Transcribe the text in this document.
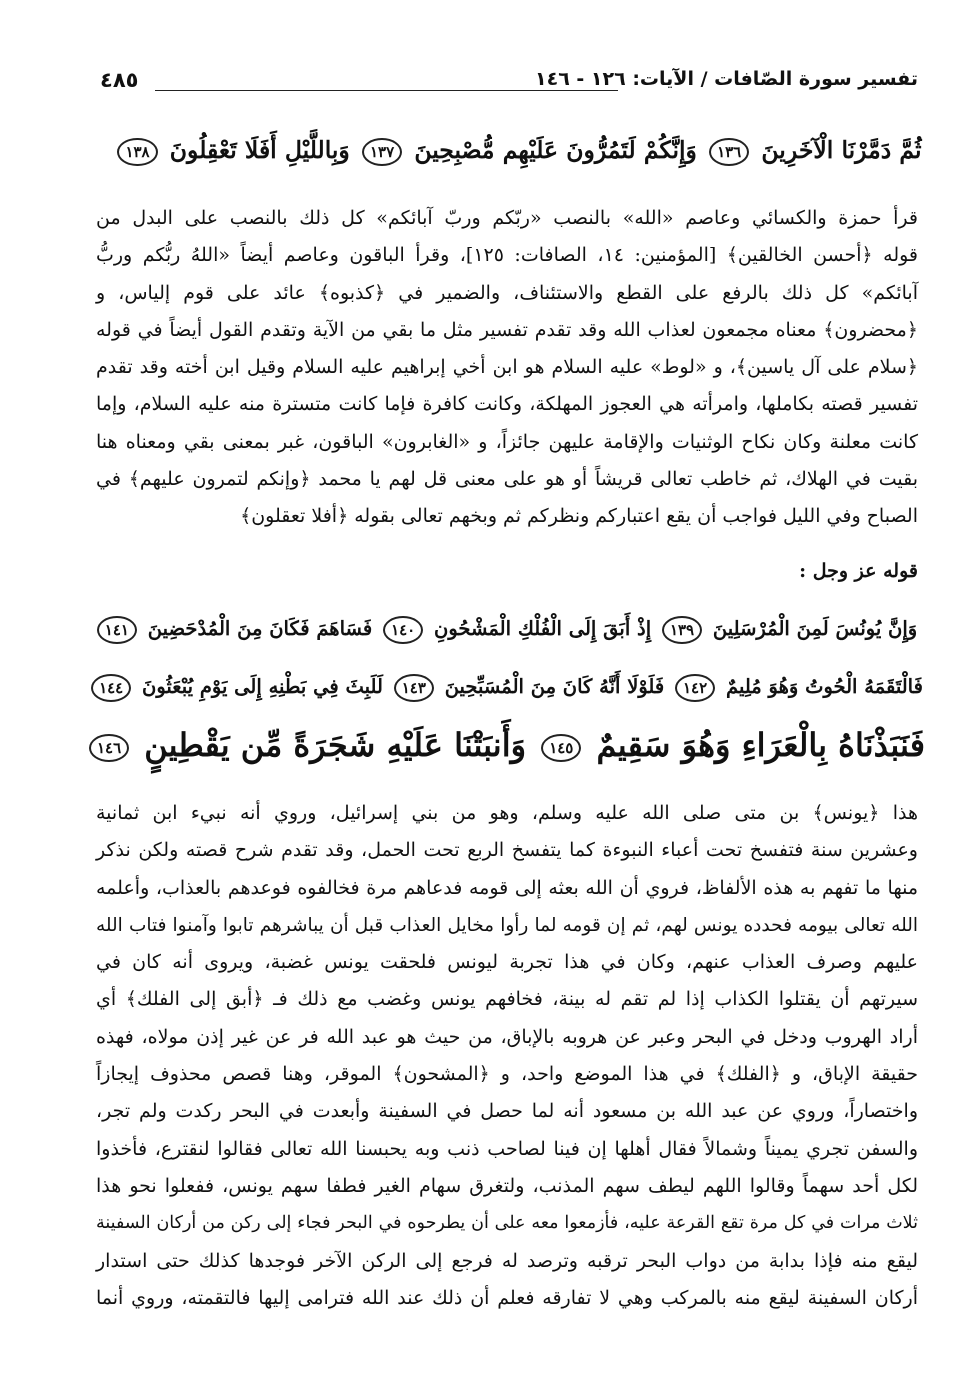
تفسير سورة الصّافات / الآيات: ١٢٦ - ١٤٦
٤٨٥
ثُمَّ دَمَّرْنَا الْآخَرِينَ ١٣٦ وَإِنَّكُمْ لَتَمُرُّونَ عَلَيْهِم مُّصْبِحِينَ ١٣٧ وَبِاللَّيْلِ أَفَلَا تَعْقِلُونَ ١٣٨
قرأ حمزة والكسائي وعاصم «الله» بالنصب «ربّكم وربّ آبائكم» كل ذلك بالنصب على البدل من
قوله ﴿أحسن الخالقين﴾ [المؤمنين: ١٤، الصافات: ١٢٥]، وقرأ الباقون وعاصم أيضاً «اللهُ ربُّكم وربُّ
آبائكم» كل ذلك بالرفع على القطع والاستئناف، والضمير في ﴿كذبوه﴾ عائد على قوم إلياس، و
﴿محضرون﴾ معناه مجمعون لعذاب الله وقد تقدم تفسير مثل ما بقي من الآية وتقدم القول أيضاً في قوله
﴿سلام على آل ياسين﴾، و «لوط» عليه السلام هو ابن أخي إبراهيم عليه السلام وقيل ابن أخته وقد تقدم
تفسير قصته بكاملها، وامرأته هي العجوز المهلكة، وكانت كافرة فإما كانت متسترة منه عليه السلام، وإما
كانت معلنة وكان نكاح الوثنيات والإقامة عليهن جائزاً، و «الغابرون» الباقون، غبر بمعنى بقي ومعناه هنا
بقيت في الهلاك، ثم خاطب تعالى قريشاً أو هو على معنى قل لهم يا محمد ﴿وإنكم لتمرون عليهم﴾ في
الصباح وفي الليل فواجب أن يقع اعتباركم ونظركم ثم وبخهم تعالى بقوله ﴿أفلا تعقلون﴾
قوله عز وجل :
وَإِنَّ يُونُسَ لَمِنَ الْمُرْسَلِينَ ١٣٩ إِذْ أَبَقَ إِلَى الْفُلْكِ الْمَشْحُونِ ١٤٠ فَسَاهَمَ فَكَانَ مِنَ الْمُدْحَضِينَ ١٤١
فَالْتَقَمَهُ الْحُوتُ وَهُوَ مُلِيمٌ ١٤٢ فَلَوْلَا أَنَّهُ كَانَ مِنَ الْمُسَبِّحِينَ ١٤٣ لَلَبِثَ فِي بَطْنِهِ إِلَى يَوْمِ يُبْعَثُونَ ١٤٤
فَنَبَذْنَاهُ بِالْعَرَاءِ وَهُوَ سَقِيمٌ ١٤٥ وَأَنبَتْنَا عَلَيْهِ شَجَرَةً مِّن يَقْطِينٍ ١٤٦
هذا ﴿يونس﴾ بن متى صلى الله عليه وسلم، وهو من بني إسرائيل، وروي أنه نبيء ابن ثمانية
وعشرين سنة فتفسخ تحت أعباء النبوءة كما يتفسخ الربع تحت الحمل، وقد تقدم شرح قصته ولكن نذكر
منها ما تفهم به هذه الألفاظ، فروي أن الله بعثه إلى قومه فدعاهم مرة فخالفوه فوعدهم بالعذاب، وأعلمه
الله تعالى بيومه فحدده يونس لهم، ثم إن قومه لما رأوا مخايل العذاب قبل أن يباشرهم تابوا وآمنوا فتاب الله
عليهم وصرف العذاب عنهم، وكان في هذا تجربة ليونس فلحقت يونس غضبة، ويروى أنه كان في
سيرتهم أن يقتلوا الكذاب إذا لم تقم له بينة، فخافهم يونس وغضب مع ذلك فـ ﴿أبق إلى الفلك﴾ أي
أراد الهروب ودخل في البحر وعبر عن هروبه بالإباق، من حيث هو عبد الله فر عن غير إذن مولاه، فهذه
حقيقة الإباق، و ﴿الفلك﴾ في هذا الموضع واحد، و ﴿المشحون﴾ الموقر، وهنا قصص محذوف إيجازاً
واختصاراً، وروي عن عبد الله بن مسعود أنه لما حصل في السفينة وأبعدت في البحر ركدت ولم تجر،
والسفن تجري يميناً وشمالاً فقال أهلها إن فينا لصاحب ذنب وبه يحبسنا الله تعالى فقالوا لنقترع، فأخذوا
لكل أحد سهماً وقالوا اللهم ليطف سهم المذنب، ولتغرق سهام الغير فطفا سهم يونس، ففعلوا نحو هذا
ثلاث مرات في كل مرة تقع القرعة عليه، فأزمعوا معه على أن يطرحوه في البحر فجاء إلى ركن من أركان السفينة
ليقع منه فإذا بدابة من دواب البحر ترقبه وترصد له فرجع إلى الركن الآخر فوجدها كذلك حتى استدار
أركان السفينة ليقع منه بالمركب وهي لا تفارقه فعلم أن ذلك عند الله فترامى إليها فالتقمته، وروي أنما
